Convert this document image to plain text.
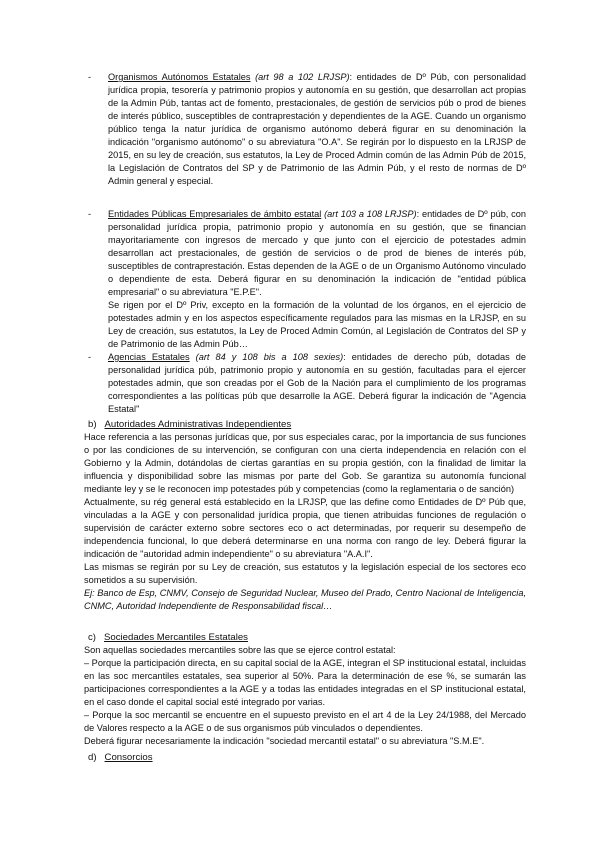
- Organismos Autónomos Estatales (art 98 a 102 LRJSP): entidades de Dº Púb, con personalidad jurídica propia, tesorería y patrimonio propios y autonomía en su gestión, que desarrollan act propias de la Admin Púb, tantas act de fomento, prestacionales, de gestión de servicios púb o prod de bienes de interés público, susceptibles de contraprestación y dependientes de la AGE. Cuando un organismo público tenga la natur jurídica de organismo autónomo deberá figurar en su denominación la indicación "organismo autónomo" o su abreviatura "O.A". Se regirán por lo dispuesto en la LRJSP de 2015, en su ley de creación, sus estatutos, la Ley de Proced Admin común de las Admin Púb de 2015, la Legislación de Contratos del SP y de Patrimonio de las Admin Púb, y el resto de normas de Dº Admin general y especial.
- Entidades Públicas Empresariales de ámbito estatal (art 103 a 108 LRJSP): entidades de Dº púb, con personalidad jurídica propia, patrimonio propio y autonomía en su gestión, que se financian mayoritariamente con ingresos de mercado y que junto con el ejercicio de potestades admin desarrollan act prestacionales, de gestión de servicios o de prod de bienes de interés púb, susceptibles de contraprestación. Estas dependen de la AGE o de un Organismo Autónomo vinculado o dependiente de esta. Deberá figurar en su denominación la indicación de "entidad pública empresarial" o su abreviatura "E.P.E".
Se rigen por el Dº Priv, excepto en la formación de la voluntad de los órganos, en el ejercicio de potestades admin y en los aspectos específicamente regulados para las mismas en la LRJSP, en su Ley de creación, sus estatutos, la Ley de Proced Admin Común, al Legislación de Contratos del SP y de Patrimonio de las Admin Púb…
- Agencias Estatales (art 84 y 108 bis a 108 sexies): entidades de derecho púb, dotadas de personalidad jurídica púb, patrimonio propio y autonomía en su gestión, facultadas para el ejercer potestades admin, que son creadas por el Gob de la Nación para el cumplimiento de los programas correspondientes a las políticas púb que desarrolle la AGE. Deberá figurar la indicación de "Agencia Estatal"
b) Autoridades Administrativas Independientes
Hace referencia a las personas jurídicas que, por sus especiales carac, por la importancia de sus funciones o por las condiciones de su intervención, se configuran con una cierta independencia en relación con el Gobierno y la Admin, dotándolas de ciertas garantías en su propia gestión, con la finalidad de limitar la influencia y disponibilidad sobre las mismas por parte del Gob. Se garantiza su autonomía funcional mediante ley y se le reconocen imp potestades púb y competencias (como la reglamentaria o de sanción)
Actualmente, su rég general está establecido en la LRJSP, que las define como Entidades de Dº Púb que, vinculadas a la AGE y con personalidad jurídica propia, que tienen atribuidas funciones de regulación o supervisión de carácter externo sobre sectores eco o act determinadas, por requerir su desempeño de independencia funcional, lo que deberá determinarse en una norma con rango de ley. Deberá figurar la indicación de "autoridad admin independiente" o su abreviatura "A.A.I".
Las mismas se regirán por su Ley de creación, sus estatutos y la legislación especial de los sectores eco sometidos a su supervisión.
Ej: Banco de Esp, CNMV, Consejo de Seguridad Nuclear, Museo del Prado, Centro Nacional de Inteligencia, CNMC, Autoridad Independiente de Responsabilidad fiscal…
c) Sociedades Mercantiles Estatales
Son aquellas sociedades mercantiles sobre las que se ejerce control estatal:
– Porque la participación directa, en su capital social de la AGE, integran el SP institucional estatal, incluidas en las soc mercantiles estatales, sea superior al 50%. Para la determinación de ese %, se sumarán las participaciones correspondientes a la AGE y a todas las entidades integradas en el SP institucional estatal, en el caso donde el capital social esté integrado por varias.
– Porque la soc mercantil se encuentre en el supuesto previsto en el art 4 de la Ley 24/1988, del Mercado de Valores respecto a la AGE o de sus organismos púb vinculados o dependientes.
Deberá figurar necesariamente la indicación "sociedad mercantil estatal" o su abreviatura "S.M.E".
d) Consorcios
